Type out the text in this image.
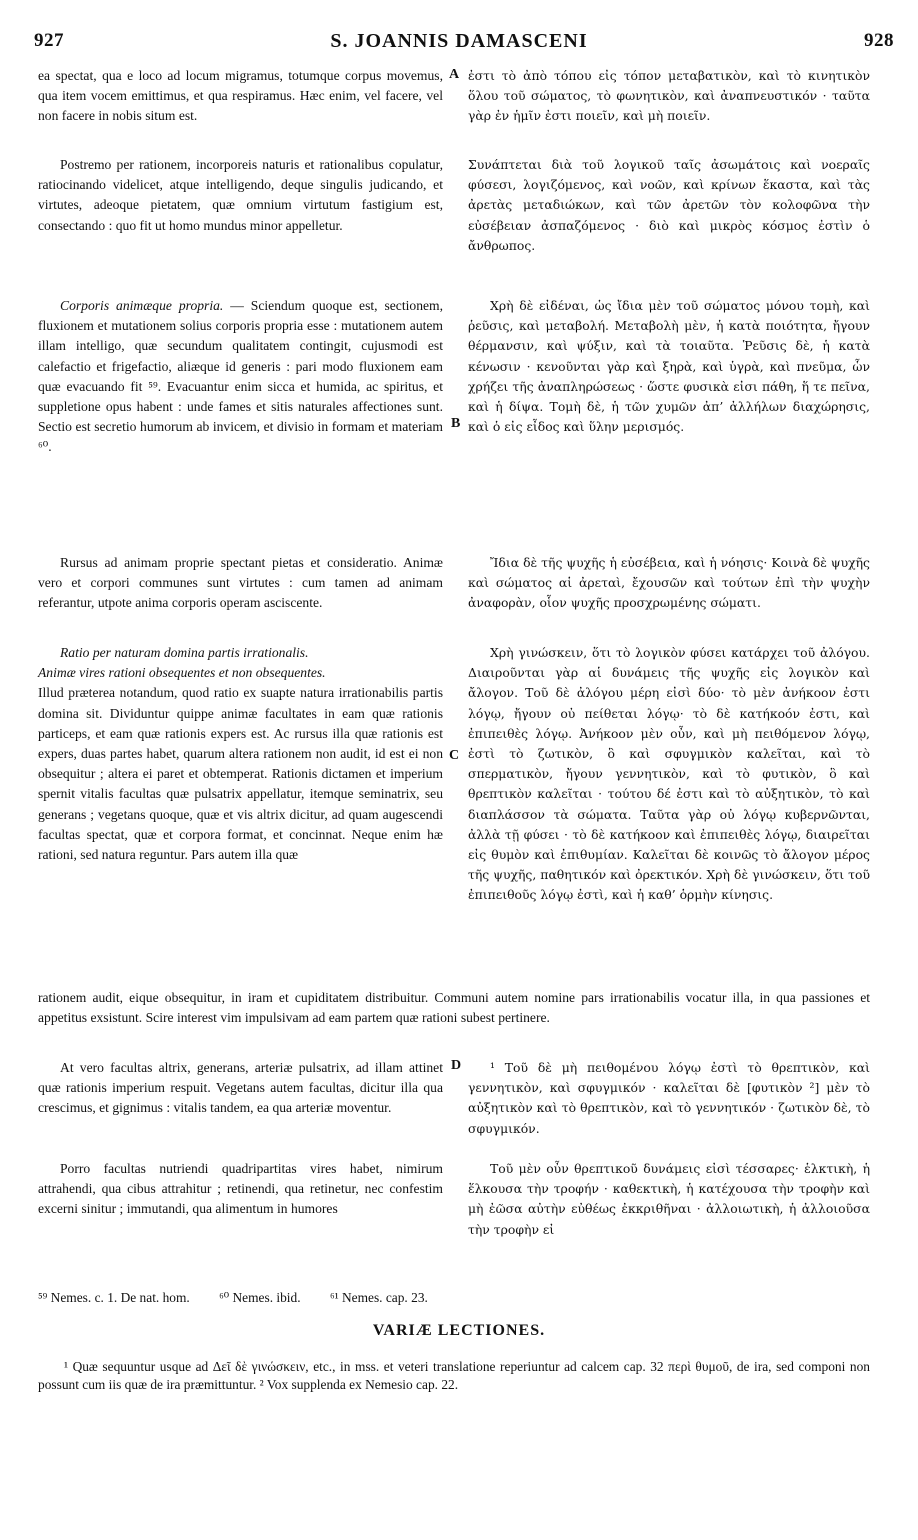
927	S. JOANNIS DAMASCENI	928
A
B
C
D

ea spectat, qua e loco ad locum migramus, totumque corpus movemus, qua item vocem emittimus, et qua respiramus. Hæc enim, vel facere, vel non facere in nobis situm est.

ἐστι τὸ ἀπὸ τόπου εἰς τόπον μεταβατικὸν, καὶ τὸ κινητικὸν ὅλου τοῦ σώματος, τὸ φωνητικὸν, καὶ ἀναπνευστικόν · ταῦτα γὰρ ἐν ἡμῖν ἐστι ποιεῖν, καὶ μὴ ποιεῖν.

Postremo per rationem, incorporeis naturis et rationalibus copulatur, ratiocinando videlicet, atque intelligendo, deque singulis judicando, et virtutes, adeoque pietatem, quæ omnium virtutum fastigium est, consectando : quo fit ut homo mundus minor appelletur.

Συνάπτεται διὰ τοῦ λογικοῦ ταῖς ἀσωμάτοις καὶ νοεραῖς φύσεσι, λογιζόμενος, καὶ νοῶν, καὶ κρίνων ἕκαστα, καὶ τὰς ἀρετὰς μεταδιώκων, καὶ τῶν ἀρετῶν τὸν κολοφῶνα τὴν εὐσέβειαν ἀσπαζόμενος · διὸ καὶ μικρὸς κόσμος ἐστὶν ὁ ἄνθρωπος.

Corporis animæque propria. — Sciendum quoque est, sectionem, fluxionem et mutationem solius corporis propria esse : mutationem autem illam intelligo, quæ secundum qualitatem contingit, cujusmodi est calefactio et frigefactio, aliæque id generis : pari modo fluxionem eam quæ evacuando fit ⁵⁹. Evacuantur enim sicca et humida, ac spiritus, et suppletione opus habent : unde fames et sitis naturales affectiones sunt. Sectio est secretio humorum ab invicem, et divisio in formam et materiam ⁶⁰.

Χρὴ δὲ εἰδέναι, ὡς ἴδια μὲν τοῦ σώματος μόνου τομὴ, καὶ ῥεῦσις, καὶ μεταβολή. Μεταβολὴ μὲν, ἡ κατὰ ποιότητα, ἤγουν θέρμανσιν, καὶ ψύξιν, καὶ τὰ τοιαῦτα. Ῥεῦσις δὲ, ἡ κατὰ κένωσιν · κενοῦνται γὰρ καὶ ξηρὰ, καὶ ὑγρὰ, καὶ πνεῦμα, ὧν χρήζει τῆς ἀναπληρώσεως · ὥστε φυσικὰ εἰσι πάθη, ἥ τε πεῖνα, καὶ ἡ δίψα. Τομὴ δὲ, ἡ τῶν χυμῶν ἀπ’ ἀλλήλων διαχώρησις, καὶ ὁ εἰς εἶδος καὶ ὕλην μερισμός.

Rursus ad animam proprie spectant pietas et consideratio. Animæ vero et corpori communes sunt virtutes : cum tamen ad animam referantur, utpote anima corporis operam asciscente.

Ἴδια δὲ τῆς ψυχῆς ἡ εὐσέβεια, καὶ ἡ νόησις· Κοινὰ δὲ ψυχῆς καὶ σώματος αἱ ἀρεταὶ, ἔχουσῶν καὶ τούτων ἐπὶ τὴν ψυχὴν ἀναφορὰν, οἷον ψυχῆς προσχρωμένης σώματι.

Ratio per naturam domina partis irrationalis.

Animæ vires rationi obsequentes et non obsequentes.

Illud præterea notandum, quod ratio ex suapte natura irrationabilis partis domina sit. Dividuntur quippe animæ facultates in eam quæ rationis particeps, et eam quæ rationis expers est. Ac rursus illa quæ rationis est expers, duas partes habet, quarum altera rationem non audit, id est ei non obsequitur ; altera ei paret et obtemperat. Rationis dictamen et imperium spernit vitalis facultas quæ pulsatrix appellatur, itemque seminatrix, seu generans ; vegetans quoque, quæ et vis altrix dicitur, ad quam augescendi facultas spectat, quæ et corpora format, et concinnat. Neque enim hæ rationi, sed natura reguntur. Pars autem illa quæ

Χρὴ γινώσκειν, ὅτι τὸ λογικὸν φύσει κατάρχει τοῦ ἀλόγου. Διαιροῦνται γὰρ αἱ δυνάμεις τῆς ψυχῆς εἰς λογικὸν καὶ ἄλογον. Τοῦ δὲ ἀλόγου μέρη εἰσὶ δύο· τὸ μὲν ἀνήκοον ἐστι λόγῳ, ἤγουν οὐ πείθεται λόγῳ· τὸ δὲ κατήκοόν ἐστι, καὶ ἐπιπειθὲς λόγῳ. Ἀνήκοον μὲν οὖν, καὶ μὴ πειθόμενον λόγῳ, ἐστὶ τὸ ζωτικὸν, ὃ καὶ σφυγμικὸν καλεῖται, καὶ τὸ σπερματικὸν, ἤγουν γεννητικὸν, καὶ τὸ φυτικὸν, ὃ καὶ θρεπτικὸν καλεῖται · τούτου δέ ἐστι καὶ τὸ αὐξητικὸν, τὸ καὶ διαπλάσσον τὰ σώματα. Ταῦτα γὰρ οὐ λόγῳ κυβερνῶνται, ἀλλὰ τῇ φύσει · τὸ δὲ κατήκοον καὶ ἐπιπειθὲς λόγῳ, διαιρεῖται εἰς θυμὸν καὶ ἐπιθυμίαν. Καλεῖται δὲ κοινῶς τὸ ἄλογον μέρος τῆς ψυχῆς, παθητικόν καὶ ὀρεκτικόν. Χρὴ δὲ γινώσκειν, ὅτι τοῦ ἐπιπειθοῦς λόγῳ ἐστὶ, καὶ ἡ καθ’ ὁρμὴν κίνησις.

rationem audit, eique obsequitur, in iram et cupiditatem distribuitur. Communi autem nomine pars irrationabilis vocatur illa, in qua passiones et appetitus exsistunt. Scire interest vim impulsivam ad eam partem quæ rationi subest pertinere.

At vero facultas altrix, generans, arteriæ pulsatrix, ad illam attinet quæ rationis imperium respuit. Vegetans autem facultas, dicitur illa qua crescimus, et gignimus : vitalis tandem, ea qua arteriæ moventur.

¹ Τοῦ δὲ μὴ πειθομένου λόγῳ ἐστὶ τὸ θρεπτικὸν, καὶ γεννητικὸν, καὶ σφυγμικόν · καλεῖται δὲ [φυτικὸν ²] μὲν τὸ αὐξητικὸν καὶ τὸ θρεπτικὸν, καὶ τὸ γεννητικόν · ζωτικὸν δὲ, τὸ σφυγμικόν.

Porro facultas nutriendi quadripartitas vires habet, nimirum attrahendi, qua cibus attrahitur ; retinendi, qua retinetur, nec confestim excerni sinitur ; immutandi, qua alimentum in humores

Τοῦ μὲν οὖν θρεπτικοῦ δυνάμεις εἰσὶ τέσσαρες· ἑλκτικὴ, ἡ ἕλκουσα τὴν τροφήν · καθεκτικὴ, ἡ κατέχουσα τὴν τροφὴν καὶ μὴ ἐῶσα αὐτὴν εὐθέως ἐκκριθῆναι · ἀλλοιωτικὴ, ἡ ἀλλοιοῦσα τὴν τροφὴν εἰ

⁵⁹ Nemes. c. 1. De nat. hom. ⁶⁰ Nemes. ibid. ⁶¹ Nemes. cap. 23.
VARIÆ LECTIONES.

¹ Quæ sequuntur usque ad Δεῖ δὲ γινώσκειν, etc., in mss. et veteri translatione reperiuntur ad calcem cap. 32 περὶ θυμοῦ, de ira, sed componi non possunt cum iis quæ de ira præmittuntur. ² Vox supplenda ex Nemesio cap. 22.
